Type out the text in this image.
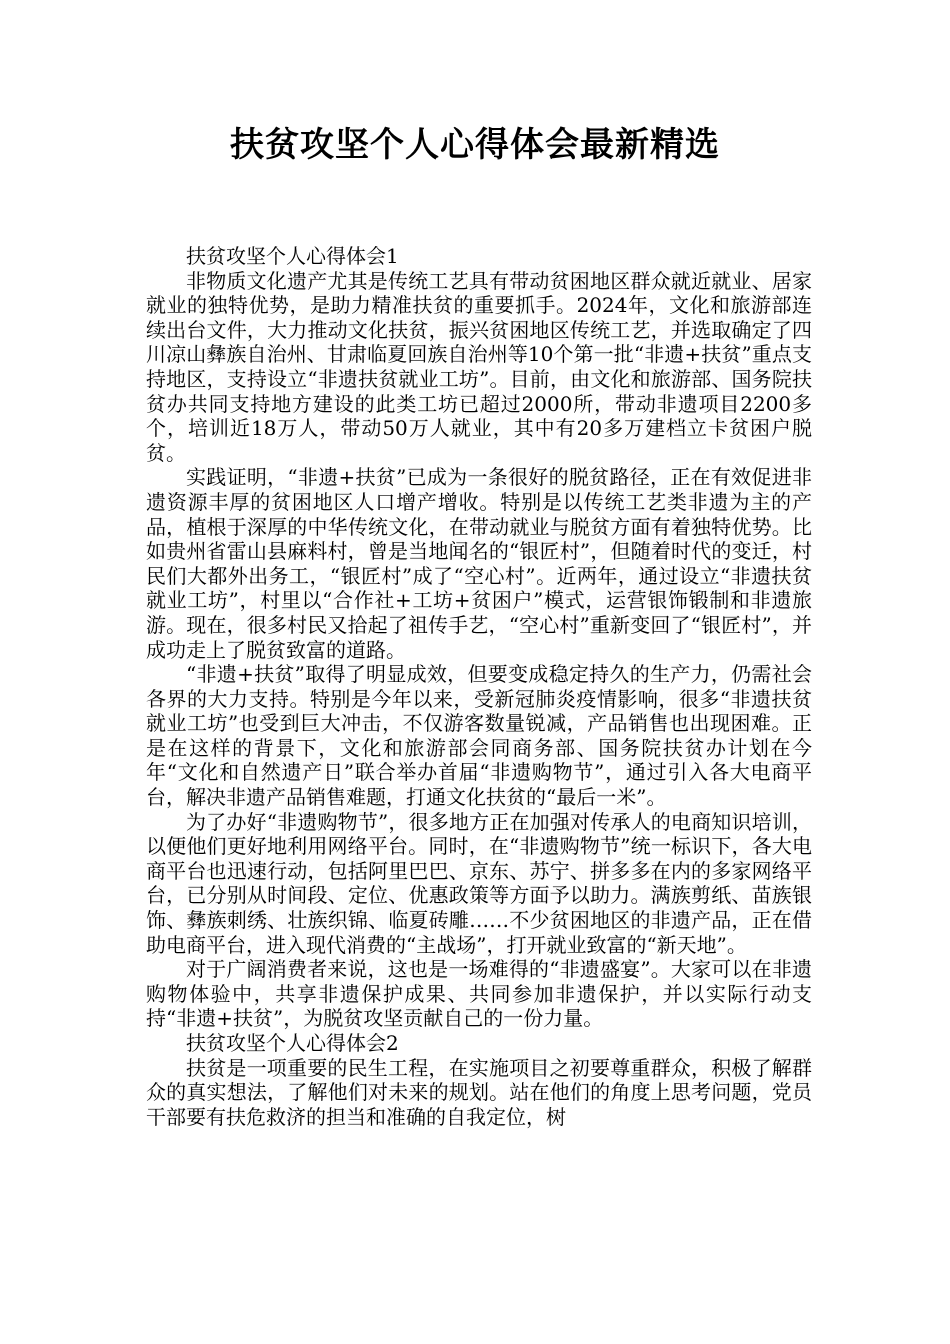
扶贫攻坚个人心得体会最新精选
扶贫攻坚个人心得体会1

非物质文化遗产尤其是传统工艺具有带动贫困地区群众就近就业、居家就业的独特优势，是助力精准扶贫的重要抓手。2024年，文化和旅游部连续出台文件，大力推动文化扶贫，振兴贫困地区传统工艺，并选取确定了四川凉山彝族自治州、甘肃临夏回族自治州等10个第一批“非遗+扶贫”重点支持地区，支持设立“非遗扶贫就业工坊”。目前，由文化和旅游部、国务院扶贫办共同支持地方建设的此类工坊已超过2000所，带动非遗项目2200多个，培训近18万人，带动50万人就业，其中有20多万建档立卡贫困户脱贫。

实践证明，“非遗+扶贫”已成为一条很好的脱贫路径，正在有效促进非遗资源丰厚的贫困地区人口增产增收。特别是以传统工艺类非遗为主的产品，植根于深厚的中华传统文化，在带动就业与脱贫方面有着独特优势。比如贵州省雷山县麻料村，曾是当地闻名的“银匠村”，但随着时代的变迁，村民们大都外出务工，“银匠村”成了“空心村”。近两年，通过设立“非遗扶贫就业工坊”，村里以“合作社+工坊+贫困户”模式，运营银饰锻制和非遗旅游。现在，很多村民又拾起了祖传手艺，“空心村”重新变回了“银匠村”，并成功走上了脱贫致富的道路。

“非遗+扶贫”取得了明显成效，但要变成稳定持久的生产力，仍需社会各界的大力支持。特别是今年以来，受新冠肺炎疫情影响，很多“非遗扶贫就业工坊”也受到巨大冲击，不仅游客数量锐减，产品销售也出现困难。正是在这样的背景下，文化和旅游部会同商务部、国务院扶贫办计划在今年“文化和自然遗产日”联合举办首届“非遗购物节”，通过引入各大电商平台，解决非遗产品销售难题，打通文化扶贫的“最后一米”。

为了办好“非遗购物节”，很多地方正在加强对传承人的电商知识培训，以便他们更好地利用网络平台。同时，在“非遗购物节”统一标识下，各大电商平台也迅速行动，包括阿里巴巴、京东、苏宁、拼多多在内的多家网络平台，已分别从时间段、定位、优惠政策等方面予以助力。满族剪纸、苗族银饰、彝族刺绣、壮族织锦、临夏砖雕……不少贫困地区的非遗产品，正在借助电商平台，进入现代消费的“主战场”，打开就业致富的“新天地”。

对于广阔消费者来说，这也是一场难得的“非遗盛宴”。大家可以在非遗购物体验中，共享非遗保护成果、共同参加非遗保护，并以实际行动支持“非遗+扶贫”，为脱贫攻坚贡献自己的一份力量。

扶贫攻坚个人心得体会2

扶贫是一项重要的民生工程，在实施项目之初要尊重群众，积极了解群众的真实想法，了解他们对未来的规划。站在他们的角度上思考问题，党员干部要有扶危救济的担当和准确的自我定位，树
